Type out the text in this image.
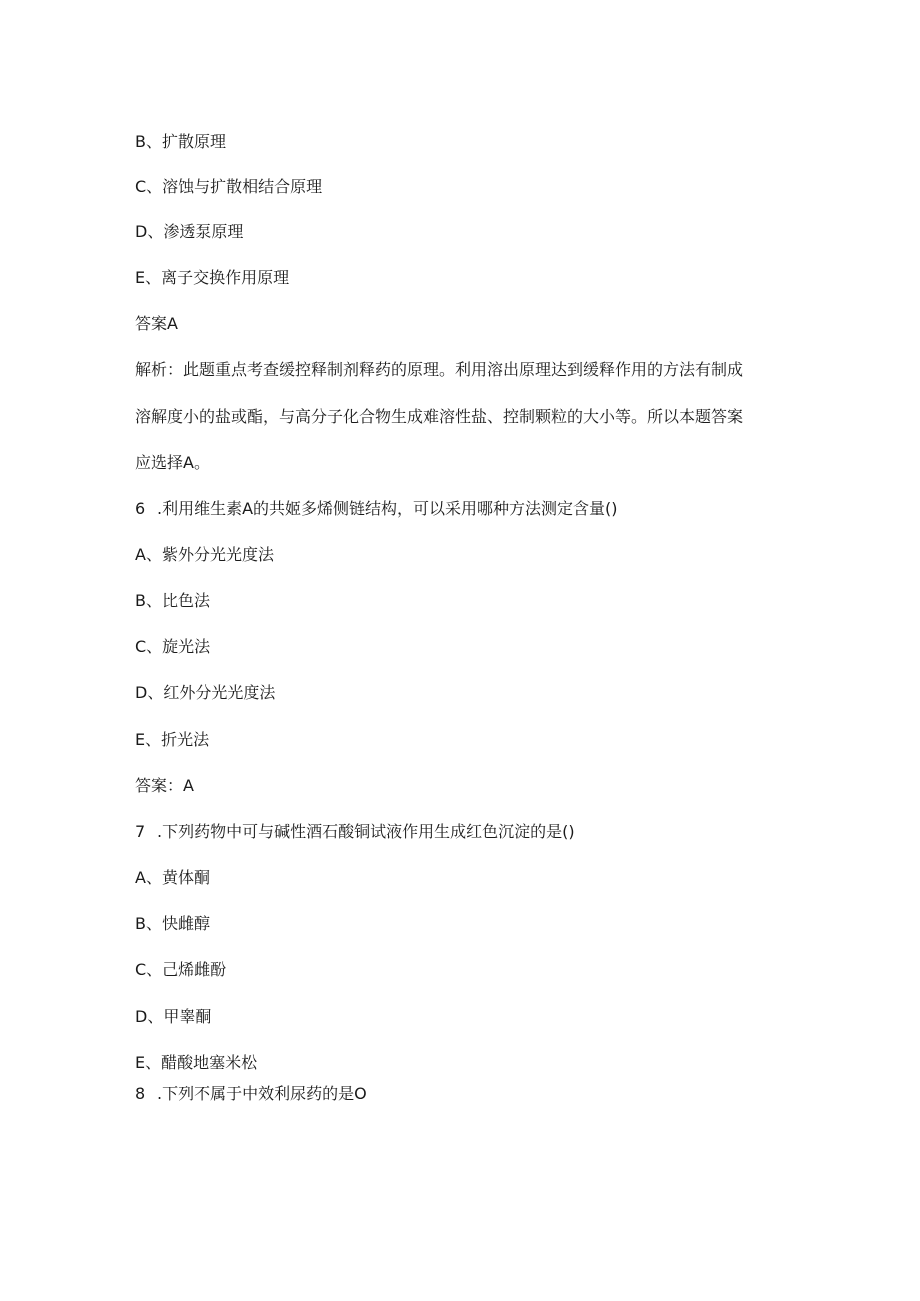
B、扩散原理
C、溶蚀与扩散相结合原理
D、渗透泵原理
E、离子交换作用原理
答案A
解析：此题重点考查缓控释制剂释药的原理。利用溶出原理达到缓释作用的方法有制成
溶解度小的盐或酯，与高分子化合物生成难溶性盐、控制颗粒的大小等。所以本题答案
应选择A。
6 .利用维生素A的共姬多烯侧链结构，可以采用哪种方法测定含量()
A、紫外分光光度法
B、比色法
C、旋光法
D、红外分光光度法
E、折光法
答案：A
7 .下列药物中可与碱性酒石酸铜试液作用生成红色沉淀的是()
A、黄体酮
B、快雌醇
C、己烯雌酚
D、甲睾酮
E、醋酸地塞米松
8 .下列不属于中效利尿药的是O
